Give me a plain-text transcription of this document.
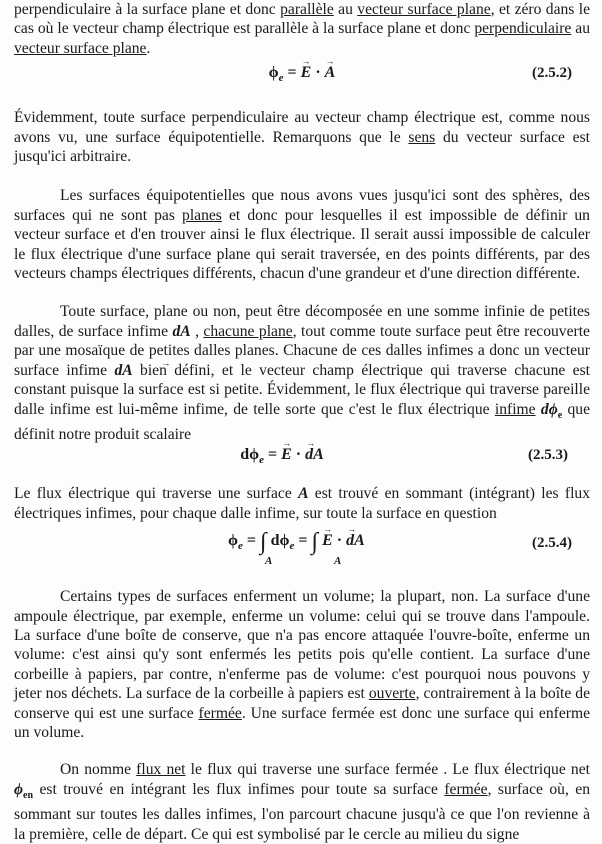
perpendiculaire à la surface plane et donc parallèle au vecteur surface plane, et zéro dans le cas où le vecteur champ électrique est parallèle à la surface plane et donc perpendiculaire au vecteur surface plane.

$\phi_e$ = → E · → A	(2.5.2)

Évidemment, toute surface perpendiculaire au vecteur champ électrique est, comme nous avons vu, une surface équipotentielle. Remarquons que le sens du vecteur surface est jusqu'ici arbitraire.

Les surfaces équipotentielles que nous avons vues jusqu'ici sont des sphères, des surfaces qui ne sont pas planes et donc pour lesquelles il est impossible de définir un vecteur surface et d'en trouver ainsi le flux électrique. Il serait aussi impossible de calculer le flux électrique d'une surface plane qui serait traversée, en des points différents, par des vecteurs champs électriques différents, chacun d'une grandeur et d'une direction différente.

Toute surface, plane ou non, peut être décomposée en une somme infinie de petites dalles, de surface infime dA , chacune plane, tout comme toute surface peut être recouverte par une mosaïque de petites dalles planes. Chacune de ces dalles infimes a donc un vecteur surface infime → dA bien défini, et le vecteur champ électrique qui traverse chacune est constant puisque la surface est si petite. Évidemment, le flux électrique qui traverse pareille dalle infime est lui-même infime, de telle sorte que c'est le flux électrique infime $d\phi_e$ que définit notre produit scalaire

$d\phi_e$ = → E · → dA	(2.5.3)

Le flux électrique qui traverse une surface A est trouvé en sommant (intégrant) les flux électriques infimes, pour chaque dalle infime, sur toute la surface en question

$\phi_e$ = ∫ $d\phi_e$ = ∫ → E · → dA
A	A
(2.5.4)

Certains types de surfaces enferment un volume; la plupart, non. La surface d'une ampoule électrique, par exemple, enferme un volume: celui qui se trouve dans l'ampoule. La surface d'une boîte de conserve, que n'a pas encore attaquée l'ouvre-boîte, enferme un volume: c'est ainsi qu'y sont enfermés les petits pois qu'elle contient. La surface d'une corbeille à papiers, par contre, n'enferme pas de volume: c'est pourquoi nous pouvons y jeter nos déchets. La surface de la corbeille à papiers est ouverte, contrairement à la boîte de conserve qui est une surface fermée. Une surface fermée est donc une surface qui enferme un volume.

On nomme flux net le flux qui traverse une surface fermée . Le flux électrique net $\phi_{en}$ est trouvé en intégrant les flux infimes pour toute sa surface fermée, surface où, en sommant sur toutes les dalles infimes, l'on parcourt chacune jusqu'à ce que l'on revienne à la première, celle de départ. Ce qui est symbolisé par le cercle au milieu du signe
